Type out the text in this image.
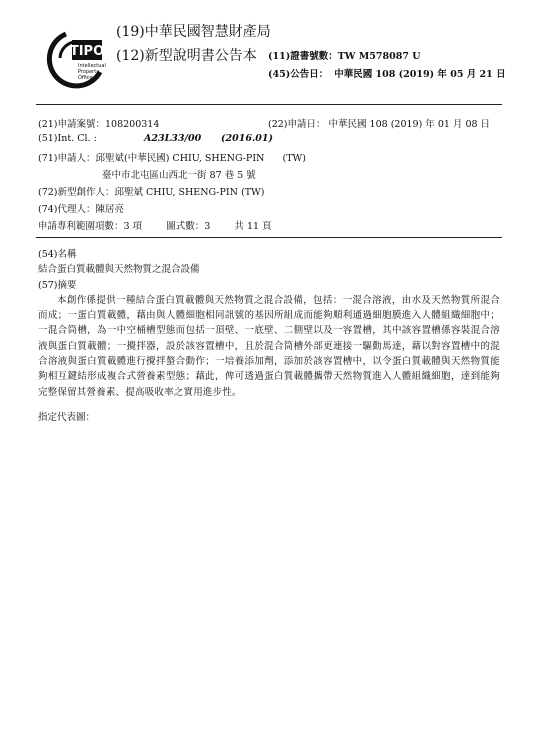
TIPO
Intellectual
Property
Office
(19)中華民國智慧財產局
(12)新型說明書公告本 (11)證書號數：TW M578087 U
(45)公告日： 中華民國 108 (2019) 年 05 月 21 日
(21)申請案號：108200314	(22)申請日： 中華民國 108 (2019) 年 01 月 08 日
(51)Int. Cl. :	A23L33/00      (2016.01)
(71)申請人：邱聖斌(中華民國) CHIU, SHENG-PIN      (TW)
臺中市北屯區山西北一街 87 巷 5 號
(72)新型創作人：邱聖斌 CHIU, SHENG-PIN (TW)
(74)代理人：陳居亮
申請專利範圍項數：3 項        圖式數：3        共 11 頁

(54)名稱

結合蛋白質載體與天然物質之混合設備

(57)摘要

本創作係提供一種結合蛋白質載體與天然物質之混合設備，包括：一混合溶液，由水及天然物質所混合而成；一蛋白質載體，藉由與人體細胞相同訊號的基因所組成而能夠順利通過細胞膜進入人體組織細胞中；一混合筒槽，為一中空桶槽型態而包括一頂壁、一底壁、二側壁以及一容置槽，其中該容置槽係容裝混合溶液與蛋白質載體；一攪拌器，設於該容置槽中，且於混合筒槽外部更連接一驅動馬達，藉以對容置槽中的混合溶液與蛋白質載體進行攪拌螯合動作；一培養添加劑，添加於該容置槽中，以令蛋白質載體與天然物質能夠相互鍵結形成複合式營養素型態；藉此，俾可透過蛋白質載體攜帶天然物質進入人體組織細胞，達到能夠完整保留其營養素、提高吸收率之實用進步性。

指定代表圖：
